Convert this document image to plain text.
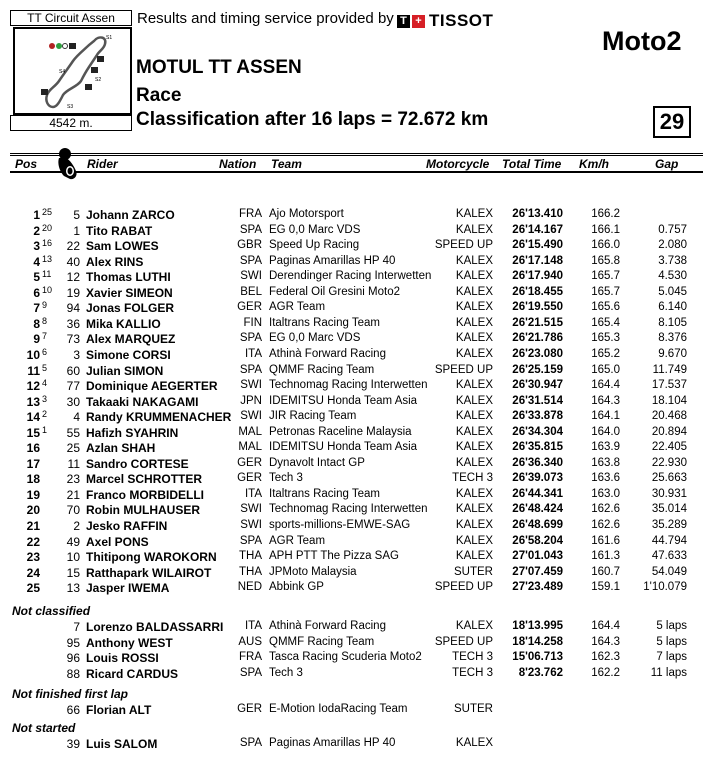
TT Circuit Assen
S1
S2
S3
S4
4542 m.
Results and timing service provided by T + TISSOT
Moto2
MOTUL TT ASSEN
Race
Classification after 16 laps = 72.672 km	29
Pos	Rider	Nation Team	Motorcycle Total Time Km/h	Gap
1 25	5 Johann ZARCO	FRA Ajo Motorsport	KALEX	26'13.410	166.2
2 20	1 Tito RABAT	SPA EG 0,0 Marc VDS	KALEX	26'14.167	166.1	0.757
3 16	22 Sam LOWES	GBR Speed Up Racing	SPEED UP	26'15.490	166.0	2.080
4 13	40 Alex RINS	SPA Paginas Amarillas HP 40	KALEX	26'17.148	165.8	3.738
5 11	12 Thomas LUTHI	SWI Derendinger Racing Interwetten	KALEX	26'17.940	165.7	4.530
6 10	19 Xavier SIMEON	BEL Federal Oil Gresini Moto2	KALEX	26'18.455	165.7	5.045
7 9	94 Jonas FOLGER	GER AGR Team	KALEX	26'19.550	165.6	6.140
8 8	36 Mika KALLIO	FIN Italtrans Racing Team	KALEX	26'21.515	165.4	8.105
9 7	73 Alex MARQUEZ	SPA EG 0,0 Marc VDS	KALEX	26'21.786	165.3	8.376
10 6	3 Simone CORSI	ITA Athinà Forward Racing	KALEX	26'23.080	165.2	9.670
11 5	60 Julian SIMON	SPA QMMF Racing Team	SPEED UP	26'25.159	165.0	11.749
12 4	77 Dominique AEGERTER	SWI Technomag Racing Interwetten	KALEX	26'30.947	164.4	17.537
13 3	30 Takaaki NAKAGAMI	JPN IDEMITSU Honda Team Asia	KALEX	26'31.514	164.3	18.104
14 2	4 Randy KRUMMENACHER SWI JIR Racing Team	KALEX	26'33.878	164.1	20.468
15 1	55 Hafizh SYAHRIN	MAL Petronas Raceline Malaysia	KALEX	26'34.304	164.0	20.894
16	25 Azlan SHAH	MAL IDEMITSU Honda Team Asia	KALEX	26'35.815	163.9	22.405
17	11 Sandro CORTESE	GER Dynavolt Intact GP	KALEX	26'36.340	163.8	22.930
18	23 Marcel SCHROTTER	GER Tech 3	TECH 3	26'39.073	163.6	25.663
19	21 Franco MORBIDELLI	ITA Italtrans Racing Team	KALEX	26'44.341	163.0	30.931
20	70 Robin MULHAUSER	SWI Technomag Racing Interwetten	KALEX	26'48.424	162.6	35.014
21	2 Jesko RAFFIN	SWI sports-millions-EMWE-SAG	KALEX	26'48.699	162.6	35.289
22	49 Axel PONS	SPA AGR Team	KALEX	26'58.204	161.6	44.794
23	10 Thitipong WAROKORN	THA APH PTT The Pizza SAG	KALEX	27'01.043	161.3	47.633
24	15 Ratthapark WILAIROT	THA JPMoto Malaysia	SUTER	27'07.459	160.7	54.049
25	13 Jasper IWEMA	NED Abbink GP	SPEED UP	27'23.489	159.1 1'10.079
Not classified
7 Lorenzo BALDASSARRI	ITA Athinà Forward Racing	KALEX	18'13.995	164.4	5 laps
95 Anthony WEST	AUS QMMF Racing Team	SPEED UP	18'14.258	164.3	5 laps
96 Louis ROSSI	FRA Tasca Racing Scuderia Moto2	TECH 3	15'06.713	162.3	7 laps
88 Ricard CARDUS	SPA Tech 3	TECH 3	8'23.762	162.2	11 laps
Not finished first lap
66 Florian ALT	GER E-Motion IodaRacing Team	SUTER
Not started
39 Luis SALOM	SPA Paginas Amarillas HP 40	KALEX
